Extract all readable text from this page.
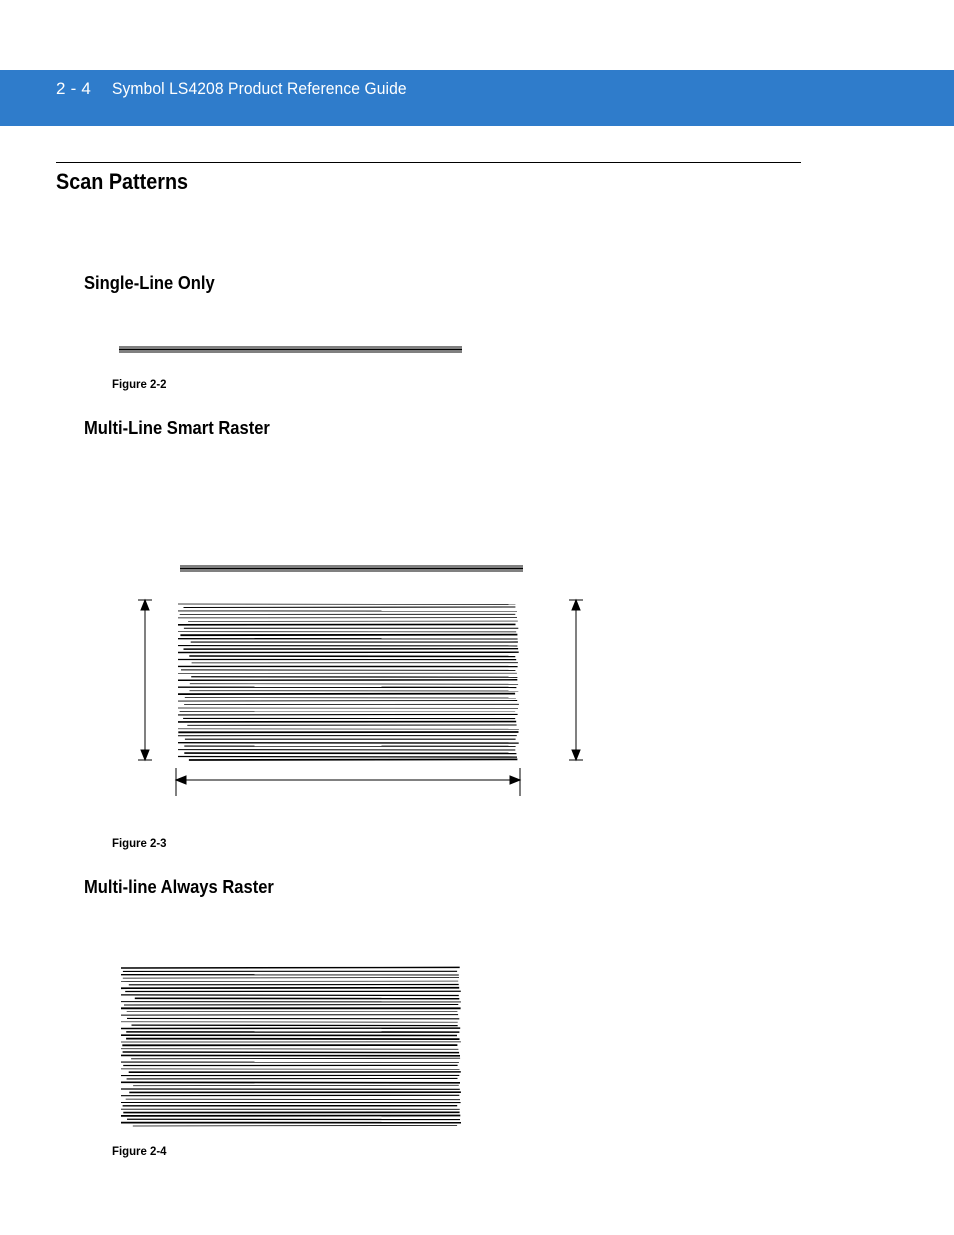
2 - 4 Symbol LS4208 Product Reference Guide
Scan Patterns
Single-Line Only
Figure 2-2
Multi-Line Smart Raster
Figure 2-3
Multi-line Always Raster
Figure 2-4
